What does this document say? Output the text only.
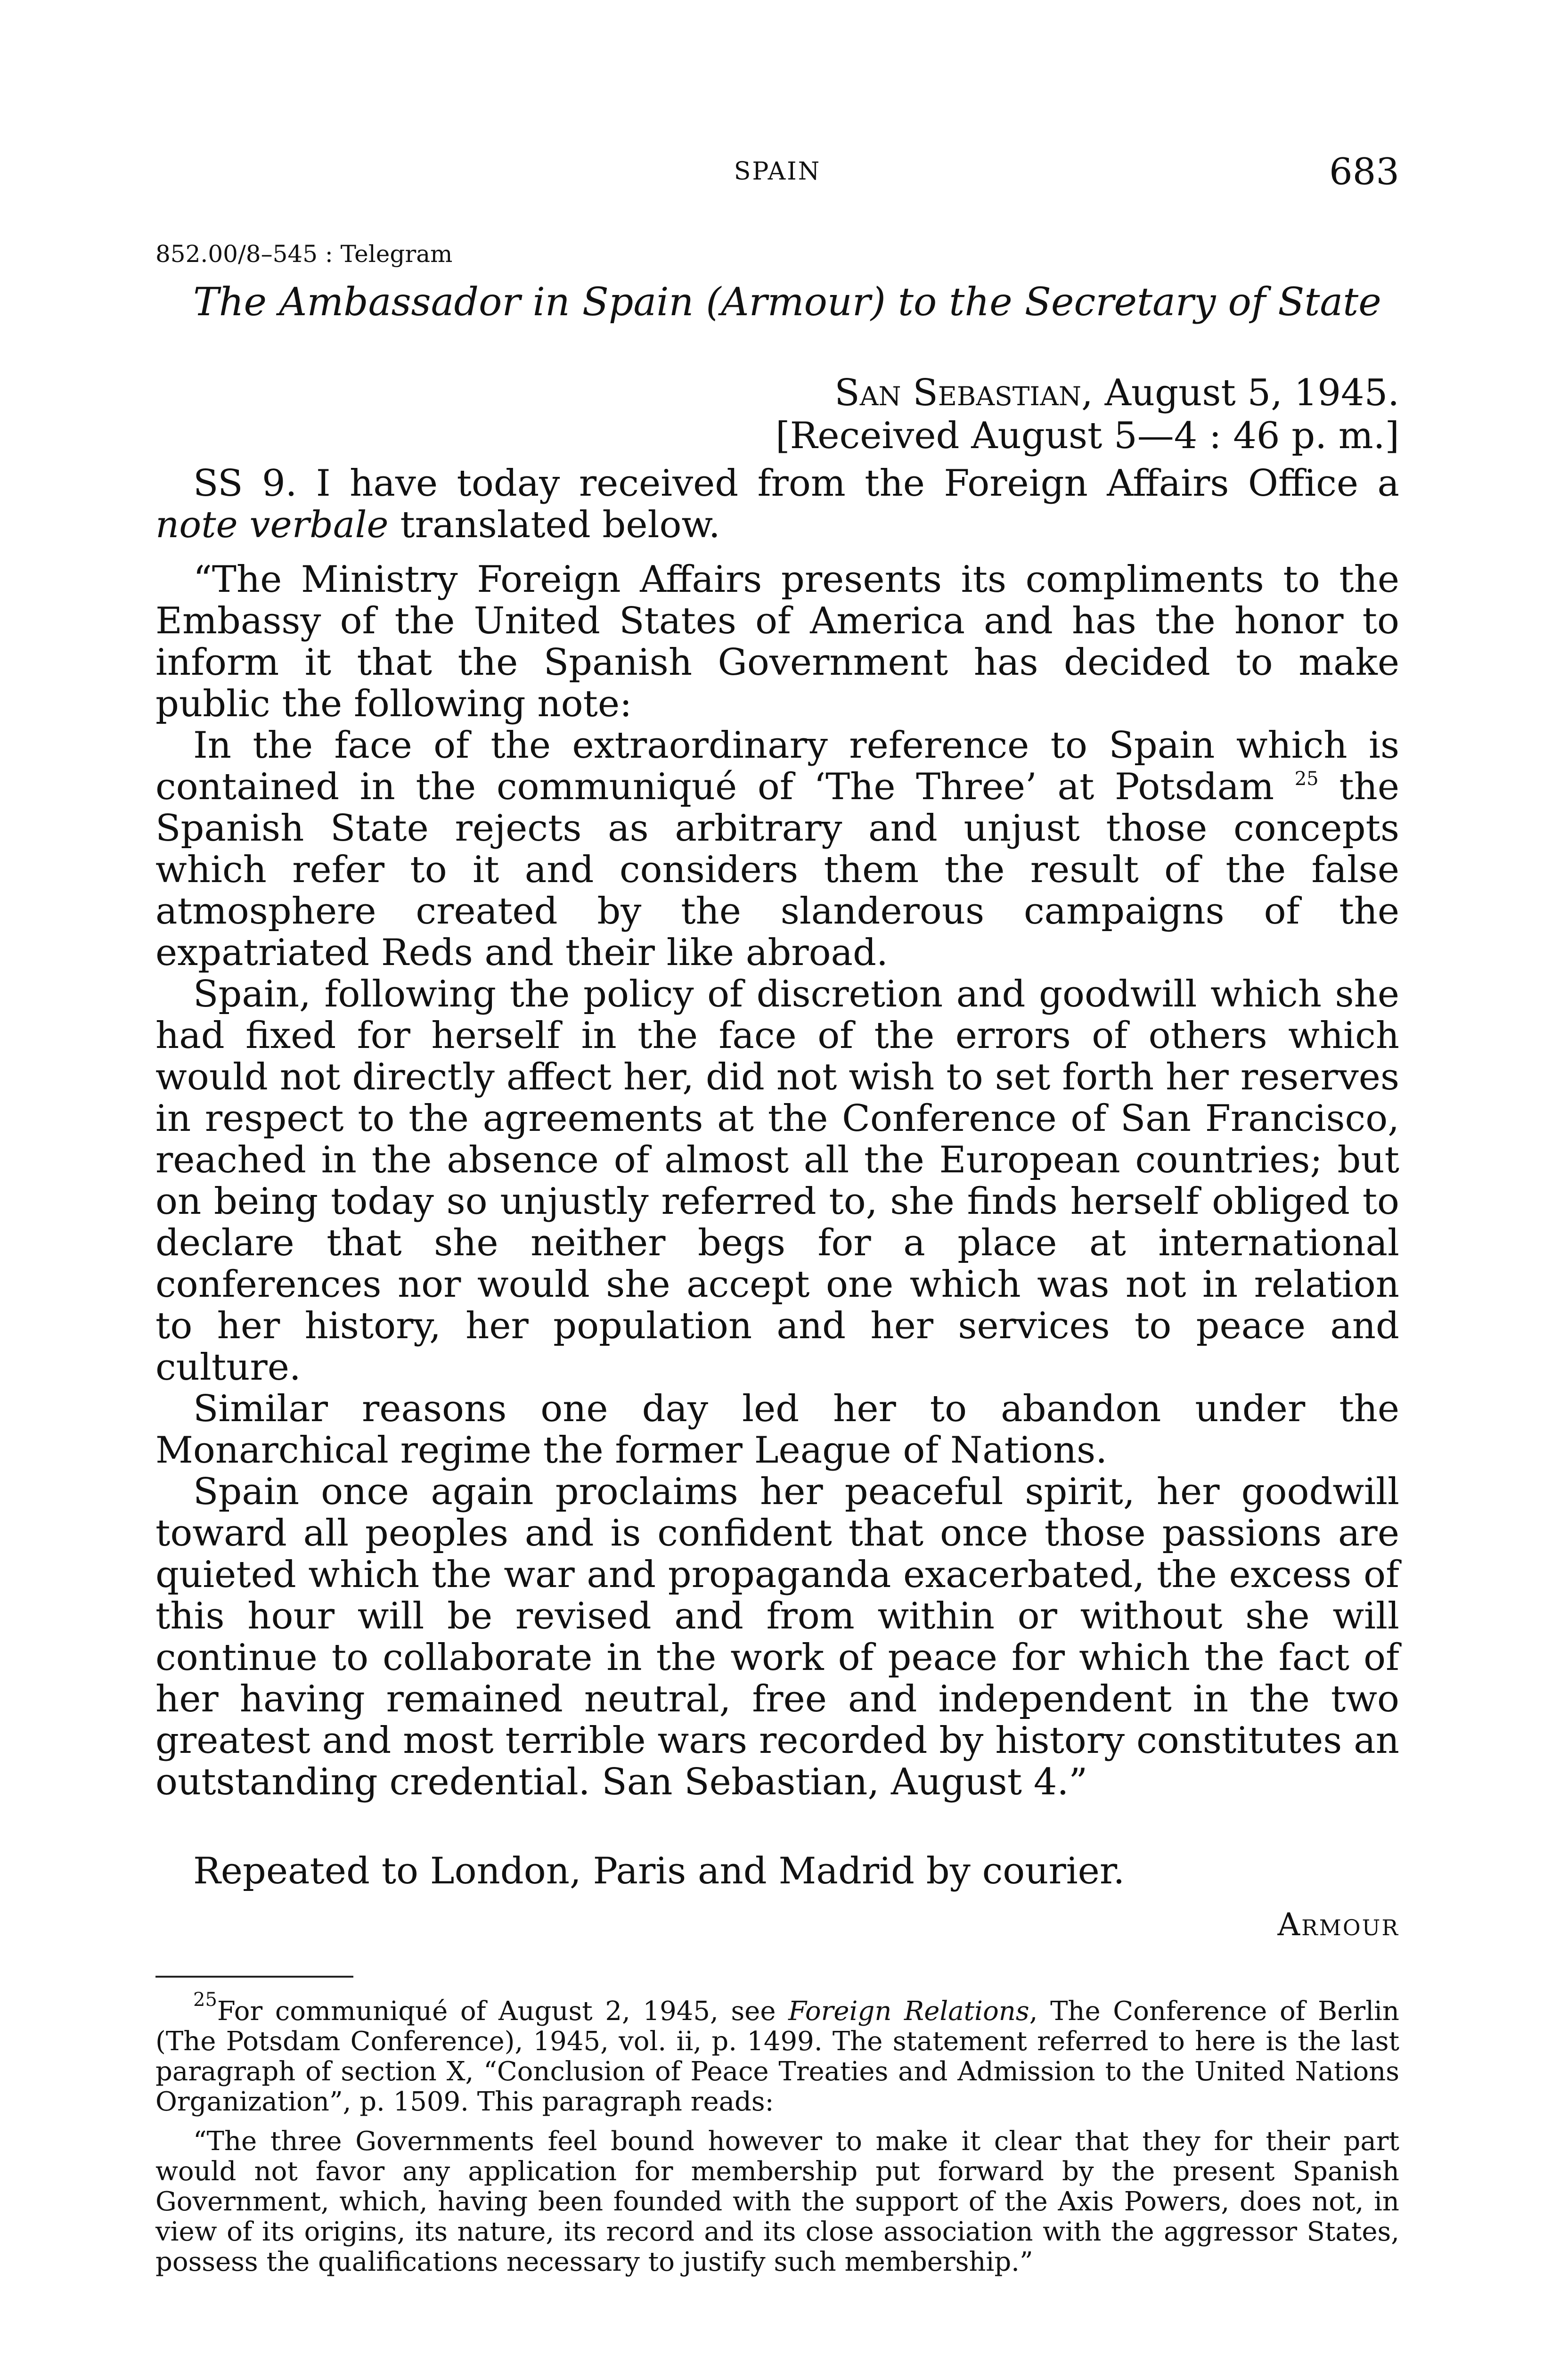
SPAIN	683
852.00/8–545 : Telegram
The Ambassador in Spain (Armour) to the Secretary of State
San Sebastian, August 5, 1945.
[Received August 5—4 : 46 p. m.]

SS 9. I have today received from the Foreign Affairs Office a note verbale translated below.

“The Ministry Foreign Affairs presents its compliments to the Embassy of the United States of America and has the honor to inform it that the Spanish Government has decided to make public the following note:

In the face of the extraordinary reference to Spain which is contained in the communiqué of ‘The Three’ at Potsdam $^{25}$ the Spanish State rejects as arbitrary and unjust those concepts which refer to it and considers them the result of the false atmosphere created by the slanderous campaigns of the expatriated Reds and their like abroad.

Spain, following the policy of discretion and goodwill which she had fixed for herself in the face of the errors of others which would not directly affect her, did not wish to set forth her reserves in respect to the agreements at the Conference of San Francisco, reached in the absence of almost all the European countries; but on being today so unjustly referred to, she finds herself obliged to declare that she neither begs for a place at international conferences nor would she accept one which was not in relation to her history, her population and her services to peace and culture.

Similar reasons one day led her to abandon under the Monarchical regime the former League of Nations.

Spain once again proclaims her peaceful spirit, her goodwill toward all peoples and is confident that once those passions are quieted which the war and propaganda exacerbated, the excess of this hour will be revised and from within or without she will continue to collaborate in the work of peace for which the fact of her having remained neutral, free and independent in the two greatest and most terrible wars recorded by history constitutes an outstanding credential. San Sebastian, August 4.”

Repeated to London, Paris and Madrid by courier.
Armour

$^{25}$For communiqué of August 2, 1945, see Foreign Relations, The Conference of Berlin (The Potsdam Conference), 1945, vol. ii, p. 1499. The statement referred to here is the last paragraph of section X, “Conclusion of Peace Treaties and Admission to the United Nations Organization”, p. 1509. This paragraph reads:

“The three Governments feel bound however to make it clear that they for their part would not favor any application for membership put forward by the present Spanish Government, which, having been founded with the support of the Axis Powers, does not, in view of its origins, its nature, its record and its close association with the aggressor States, possess the qualifications necessary to justify such membership.”
